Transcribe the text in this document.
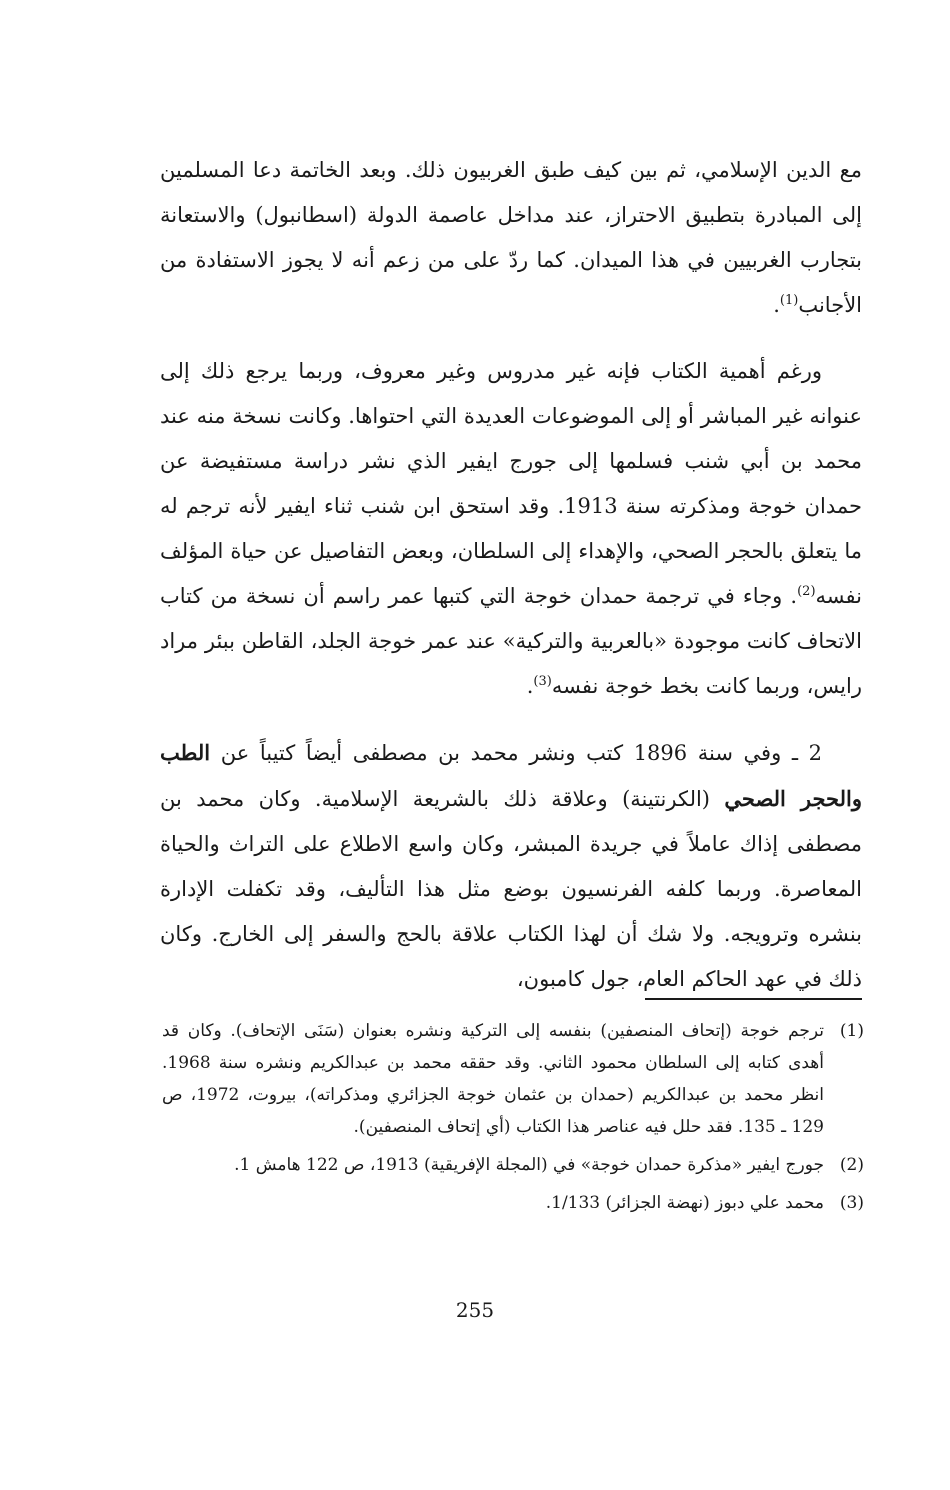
مع الدين الإسلامي، ثم بين كيف طبق الغربيون ذلك. وبعد الخاتمة دعا المسلمين إلى المبادرة بتطبيق الاحتراز، عند مداخل عاصمة الدولة (اسطانبول) والاستعانة بتجارب الغربيين في هذا الميدان. كما ردّ على من زعم أنه لا يجوز الاستفادة من الأجانب$^{(1)}$.

ورغم أهمية الكتاب فإنه غير مدروس وغير معروف، وربما يرجع ذلك إلى عنوانه غير المباشر أو إلى الموضوعات العديدة التي احتواها. وكانت نسخة منه عند محمد بن أبي شنب فسلمها إلى جورج ايفير الذي نشر دراسة مستفيضة عن حمدان خوجة ومذكرته سنة 1913. وقد استحق ابن شنب ثناء ايفير لأنه ترجم له ما يتعلق بالحجر الصحي، والإهداء إلى السلطان، وبعض التفاصيل عن حياة المؤلف نفسه$^{(2)}$. وجاء في ترجمة حمدان خوجة التي كتبها عمر راسم أن نسخة من كتاب الاتحاف كانت موجودة «بالعربية والتركية» عند عمر خوجة الجلد، القاطن ببئر مراد رايس، وربما كانت بخط خوجة نفسه$^{(3)}$.

2 ـ وفي سنة 1896 كتب ونشر محمد بن مصطفى أيضاً كتيباً عن الطب والحجر الصحي (الكرنتينة) وعلاقة ذلك بالشريعة الإسلامية. وكان محمد بن مصطفى إذاك عاملاً في جريدة المبشر، وكان واسع الاطلاع على التراث والحياة المعاصرة. وربما كلفه الفرنسيون بوضع مثل هذا التأليف، وقد تكفلت الإدارة بنشره وترويجه. ولا شك أن لهذا الكتاب علاقة بالحج والسفر إلى الخارج. وكان ذلك في عهد الحاكم العام، جول كامبون،

(1)
ترجم خوجة (إتحاف المنصفين) بنفسه إلى التركية ونشره بعنوان (سَنَى الإتحاف). وكان قد أهدى كتابه إلى السلطان محمود الثاني. وقد حققه محمد بن عبدالكريم ونشره سنة 1968. انظر محمد بن عبدالكريم (حمدان بن عثمان خوجة الجزائري ومذكراته)، بيروت، 1972، ص 129 ـ 135. فقد حلل فيه عناصر هذا الكتاب (أي إتحاف المنصفين).

(2)
جورج ايفير «مذكرة حمدان خوجة» في (المجلة الإفريقية) 1913، ص 122 هامش 1.

(3)
محمد علي دبوز (نهضة الجزائر) 1/133.

255
